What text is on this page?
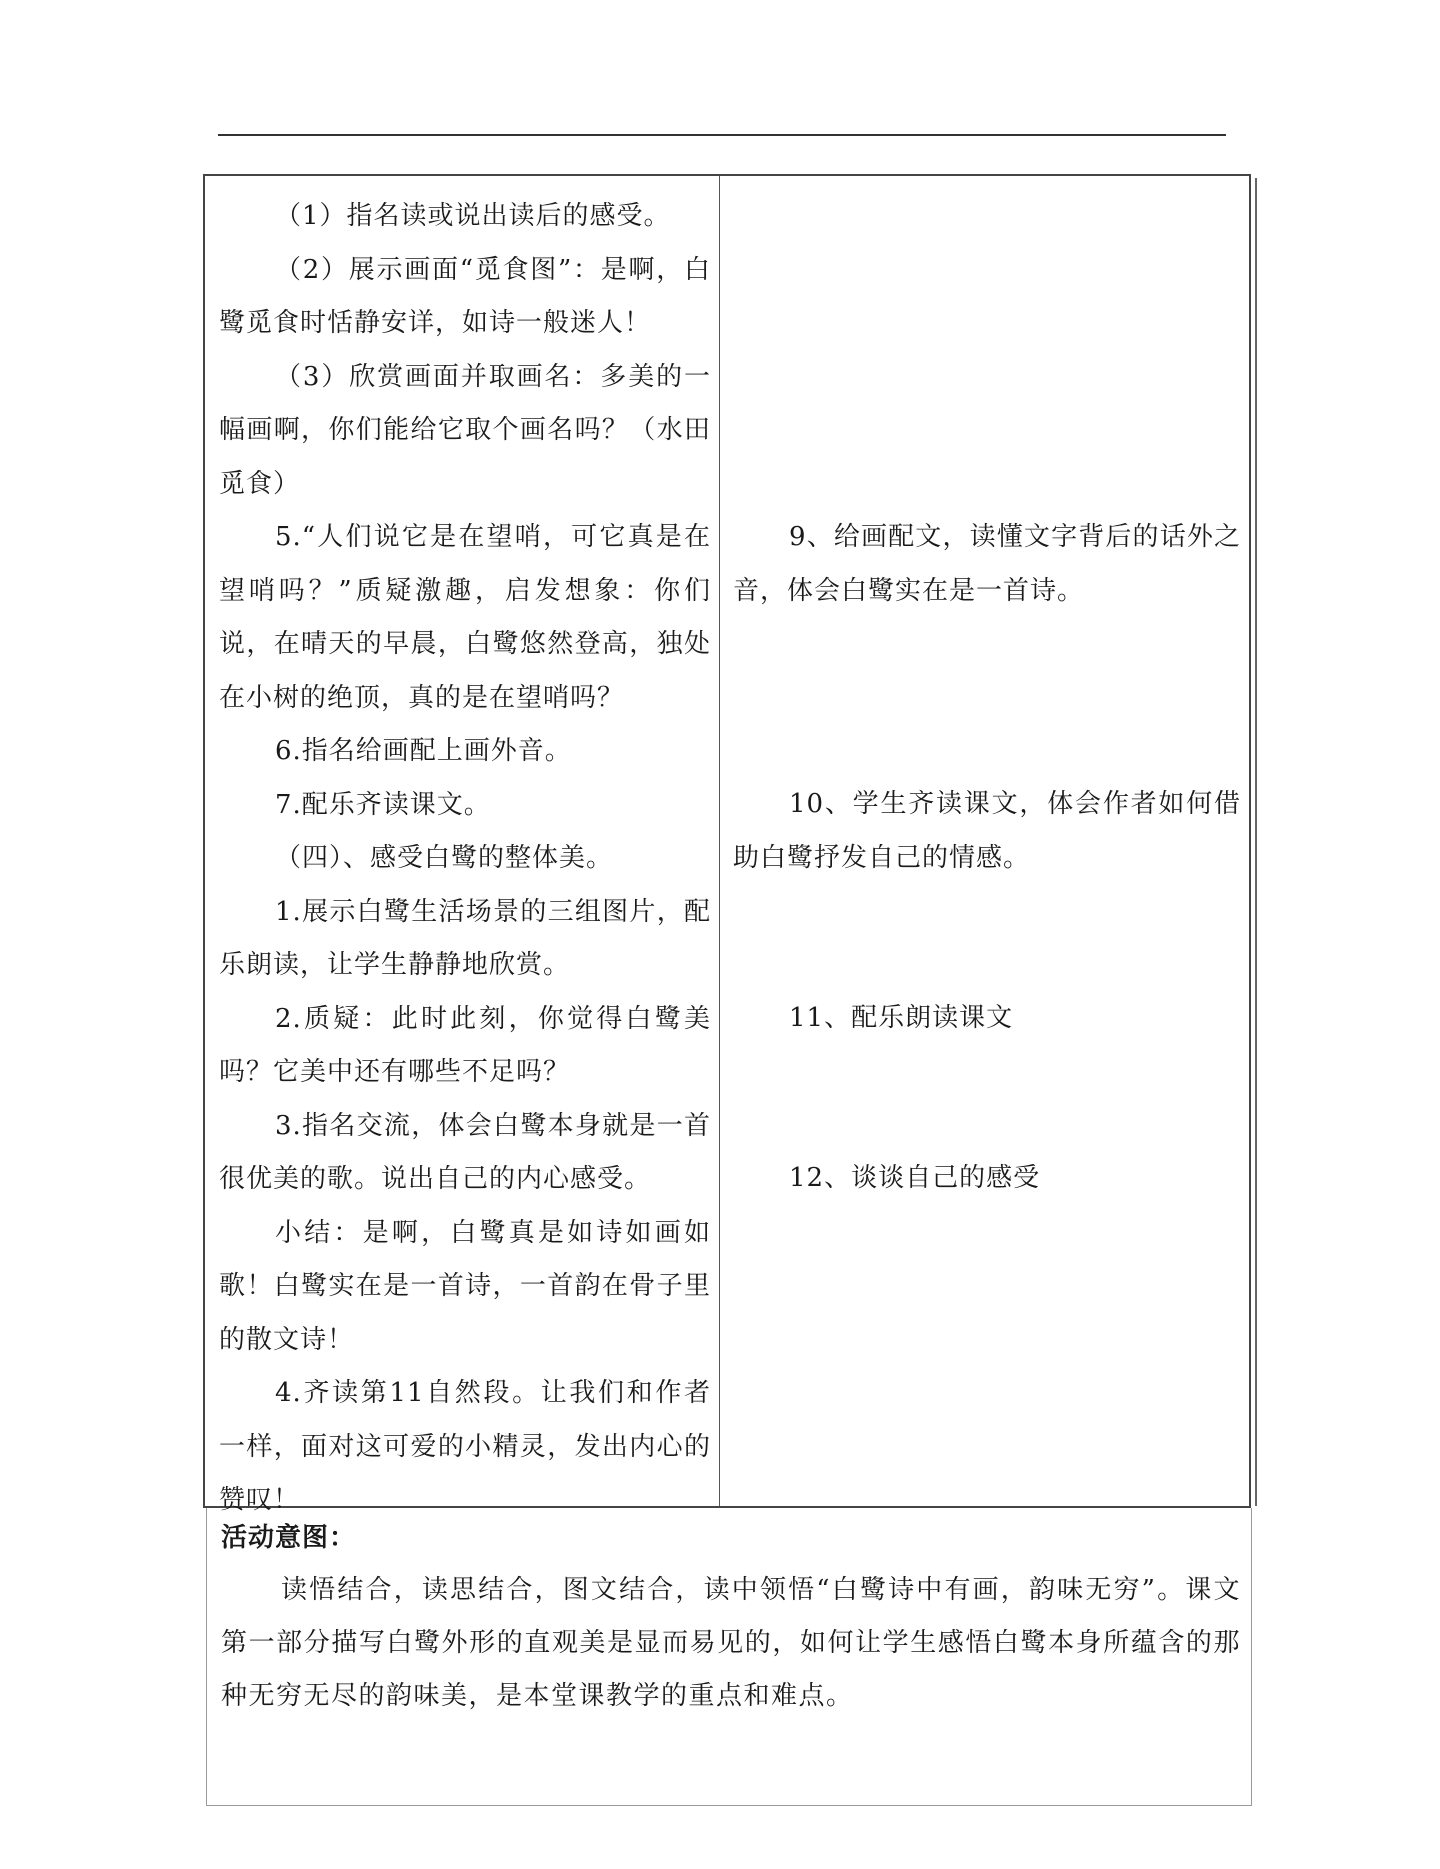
（1）指名读或说出读后的感受。

（2）展示画面“觅食图”：是啊，白鹭觅食时恬静安详，如诗一般迷人！

（3）欣赏画面并取画名：多美的一幅画啊，你们能给它取个画名吗？（水田觅食）

5.“人们说它是在望哨，可它真是在望哨吗？”质疑激趣，启发想象：你们说，在晴天的早晨，白鹭悠然登高，独处在小树的绝顶，真的是在望哨吗？

6.指名给画配上画外音。

7.配乐齐读课文。

（四）、感受白鹭的整体美。

1.展示白鹭生活场景的三组图片，配乐朗读，让学生静静地欣赏。

2.质疑：此时此刻，你觉得白鹭美吗？它美中还有哪些不足吗？

3.指名交流，体会白鹭本身就是一首很优美的歌。说出自己的内心感受。

小结：是啊，白鹭真是如诗如画如歌！白鹭实在是一首诗，一首韵在骨子里的散文诗！

4.齐读第11自然段。让我们和作者一样，面对这可爱的小精灵，发出内心的赞叹！

9、给画配文，读懂文字背后的话外之音，体会白鹭实在是一首诗。

10、学生齐读课文，体会作者如何借助白鹭抒发自己的情感。

11、配乐朗读课文

12、谈谈自己的感受

活动意图：

读悟结合，读思结合，图文结合，读中领悟“白鹭诗中有画，韵味无穷”。课文第一部分描写白鹭外形的直观美是显而易见的，如何让学生感悟白鹭本身所蕴含的那种无穷无尽的韵味美，是本堂课教学的重点和难点。
